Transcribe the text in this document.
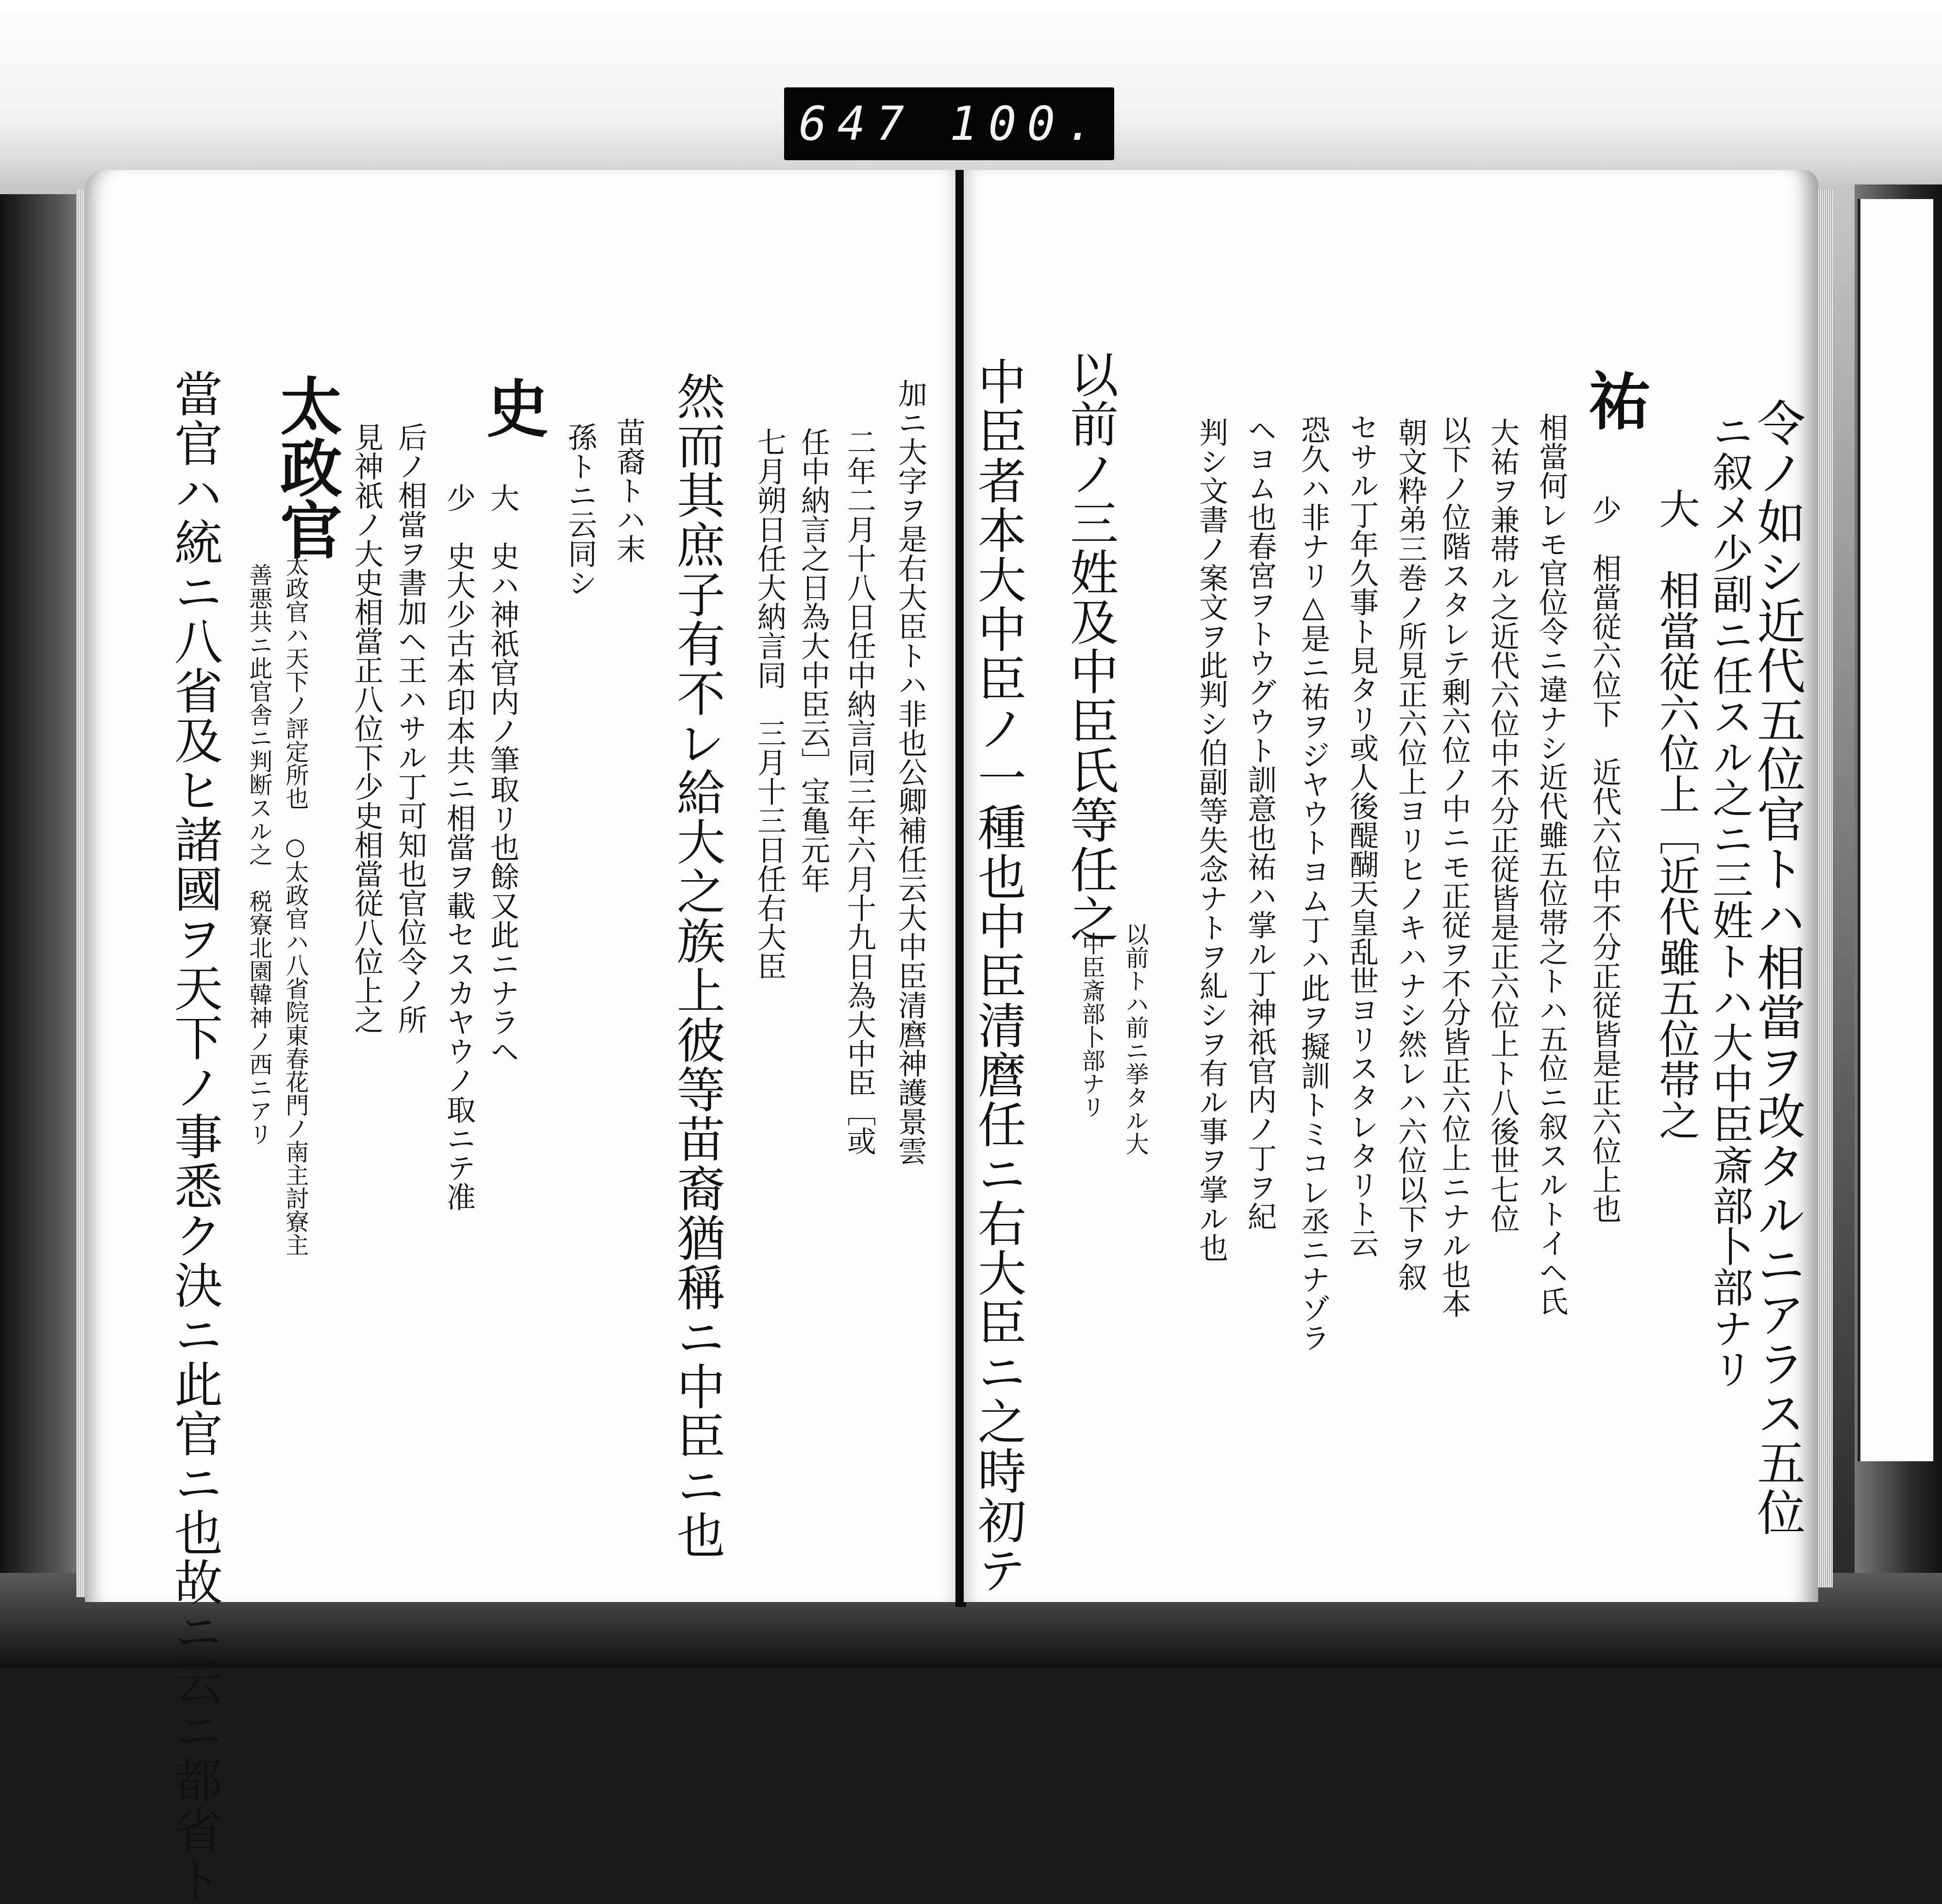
647 100.

祐 令ノ如シ近代五位官トハ相當ヲ改タルニアラス五位

ニ叙メ少副ニ任スル之ニ三姓トハ大中臣斎部卜部ナリ

大　相當従六位上［近代雖五位帯之

少　相當従六位下　近代六位中不分正従皆是正六位上也

相當何レモ官位令ニ違ナシ近代雖五位帯之トハ五位ニ叙スルトイヘ氏

大祐ヲ兼帯ル之近代六位中不分正従皆是正六位上ト八後世七位

以下ノ位階スタレテ剰六位ノ中ニモ正従ヲ不分皆正六位上ニナル也本

朝文粋弟三巻ノ所見正六位上ヨリヒノキハナシ然レハ六位以下ヲ叙

セサル丁年久事ト見タリ或人後醍醐天皇乱世ヨリスタレタリト云

恐久ハ非ナリ△是ニ祐ヲジヤウトヨム丁ハ此ヲ擬訓トミコレ丞ニナゾラ

ヘヨム也春宮ヲトウグウト訓意也祐ハ掌ル丁神祇官内ノ丁ヲ紀

判シ文書ノ案文ヲ此判シ伯副等失念ナトヲ糺シヲ有ル事ヲ掌ル也

以前ノ三姓及中臣氏等任之

以前トハ前ニ挙タル大

中臣斎部卜部ナリ

中臣者本大中臣ノ一種也中臣清麿任ニ右大臣ニ之時初テ

加ニ大字ヲ是右大臣トハ非也公卿補任云大中臣清麿神護景雲

二年二月十八日任中納言同三年六月十九日為大中臣［或

任中納言之日為大中臣云］宝亀元年

七月朔日任大納言同　三月十三日任右大臣

然而其庶子有不レ給大之族上彼等苗裔猶稱ニ中臣ニ也

苗裔トハ末

孫トニ云同シ

史

大　史ハ神祇官内ノ筆取リ也餘又此ニナラヘ

少　史大少古本印本共ニ相當ヲ載セスカヤウノ取ニテ准

后ノ相當ヲ書加ヘ王ハサル丁可知也官位令ノ所

見神祇ノ大史相當正八位下少史相當従八位上之

太政官

太政官ハ天下ノ評定所也　○太政官ハ八省院東春花門ノ南主討寮主

善悪共ニ此官舎ニ判断スル之　税寮北園韓神ノ西ニアリ

當官ハ統ニ八省及ヒ諸國ヲ天下ノ事悉ク決ニ此官ニ也故ニ云ニ都省ト
